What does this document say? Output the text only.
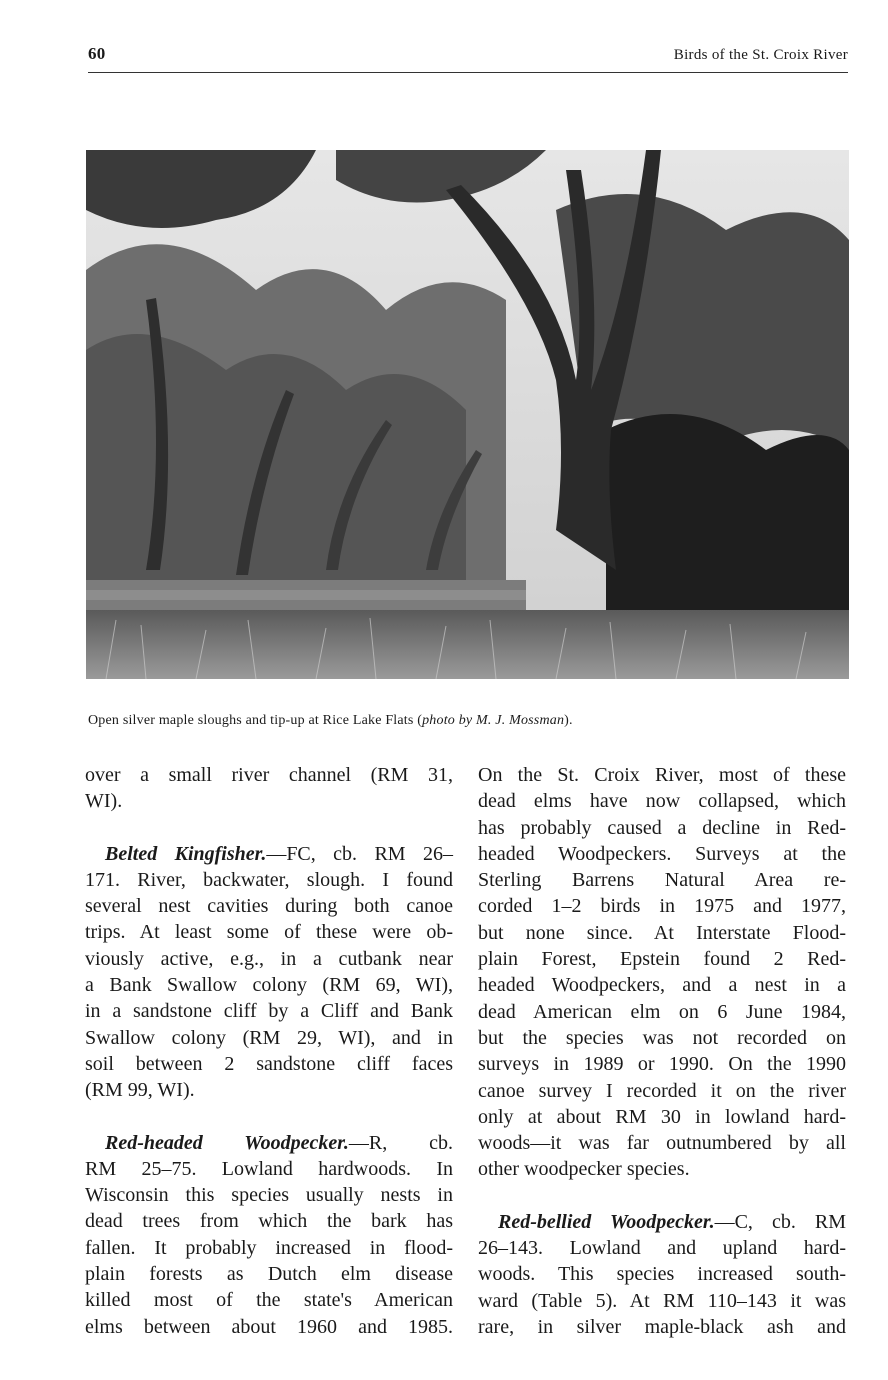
60	Birds of the St. Croix River
Open silver maple sloughs and tip-up at Rice Lake Flats (photo by M. J. Mossman).
over a small river channel (RM 31,
WI).
Belted Kingfisher.—FC, cb. RM 26–
171. River, backwater, slough. I found
several nest cavities during both canoe
trips. At least some of these were ob-
viously active, e.g., in a cutbank near
a Bank Swallow colony (RM 69, WI),
in a sandstone cliff by a Cliff and Bank
Swallow colony (RM 29, WI), and in
soil between 2 sandstone cliff faces
(RM 99, WI).
Red-headed Woodpecker.—R, cb.
RM 25–75. Lowland hardwoods. In
Wisconsin this species usually nests in
dead trees from which the bark has
fallen. It probably increased in flood-
plain forests as Dutch elm disease
killed most of the state's American
elms between about 1960 and 1985.
On the St. Croix River, most of these
dead elms have now collapsed, which
has probably caused a decline in Red-
headed Woodpeckers. Surveys at the
Sterling Barrens Natural Area re-
corded 1–2 birds in 1975 and 1977,
but none since. At Interstate Flood-
plain Forest, Epstein found 2 Red-
headed Woodpeckers, and a nest in a
dead American elm on 6 June 1984,
but the species was not recorded on
surveys in 1989 or 1990. On the 1990
canoe survey I recorded it on the river
only at about RM 30 in lowland hard-
woods—it was far outnumbered by all
other woodpecker species.
Red-bellied Woodpecker.—C, cb. RM
26–143. Lowland and upland hard-
woods. This species increased south-
ward (Table 5). At RM 110–143 it was
rare, in silver maple-black ash and
